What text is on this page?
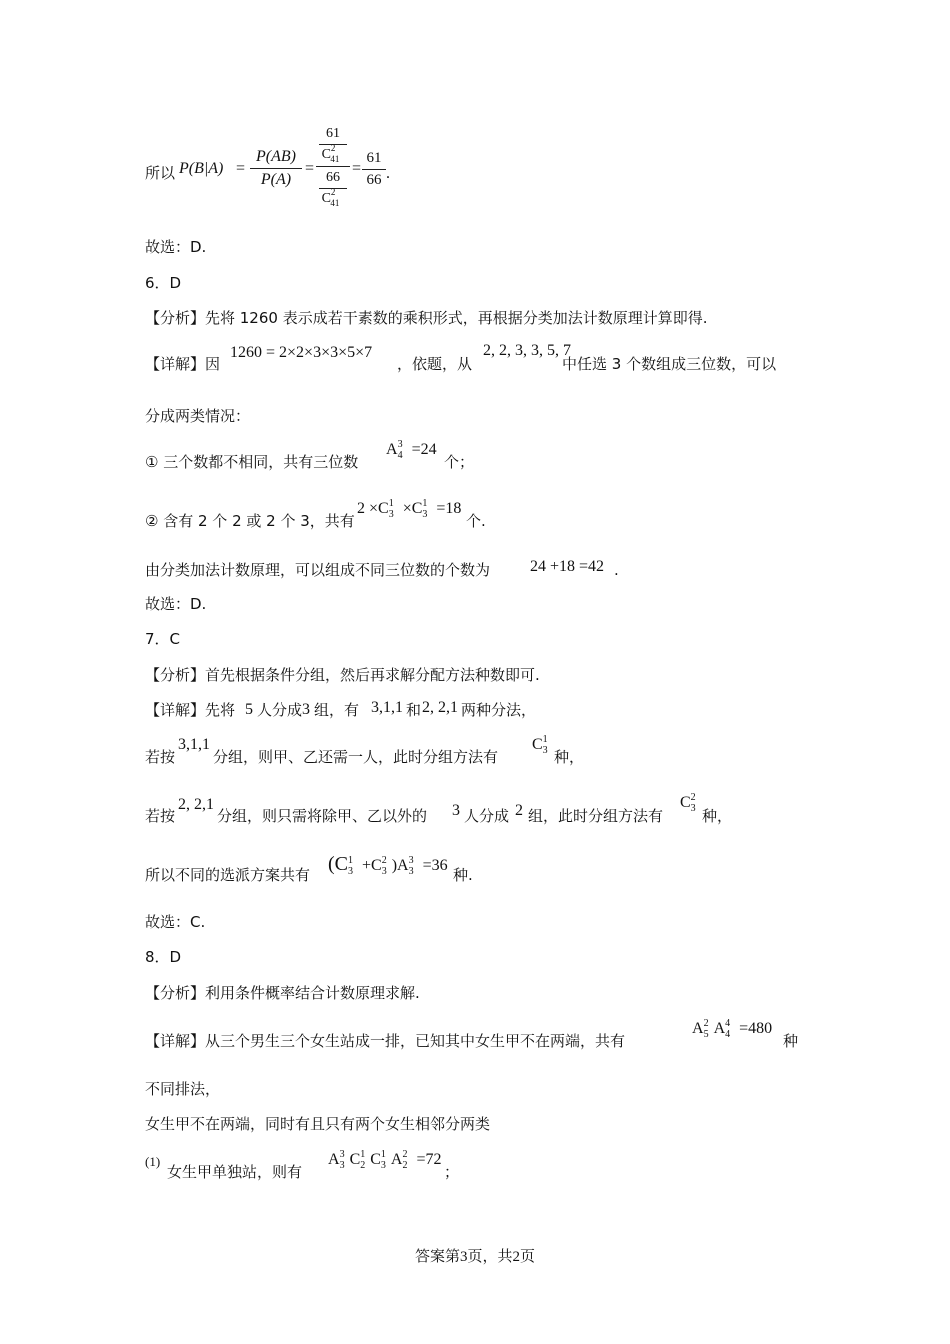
所以 P(B|A) =
P(AB)
P(A)
=
61
$C^2_{41}$
66
$C^2_{41}$
=
61
66 .
故选：D.
6．D
【分析】先将 1260 表示成若干素数的乘积形式，再根据分类加法计数原理计算即得.
【详解】因
1260 = 2×2×3×3×5×7
，依题，从
2, 2, 3, 3, 5, 7
中任选 3 个数组成三位数，可以
分成两类情况：
① 三个数都不相同，共有三位数
$A^3_4 =24$
个；
② 含有 2 个 2 或 2 个 3，共有
$2 \times C^1_3 \times C^1_3 =18$
个.
由分类加法计数原理，可以组成不同三位数的个数为 24 +18 =42 .
故选：D.
7．C
【分析】首先根据条件分组，然后再求解分配方法种数即可.
【详解】先将 5 人分成 3 组，有 3,1,1 和 2, 2,1 两种分法，
若按
3,1,1
分组，则甲、乙还需一人，此时分组方法有
$C^1_3$ 种，
若按
2, 2,1
分组，则只需将除甲、乙以外的 3 人分成 2 组，此时分组方法有
$C^2_3$ 种，
所以不同的选派方案共有 ($C^1_3 +C^2_3$ )$A^3_3 =36$
种.
故选：C.
8．D
【分析】利用条件概率结合计数原理求解.
【详解】从三个男生三个女生站成一排，已知其中女生甲不在两端，共有
$A^2_5$ $A^4_4 =480$
种
不同排法，
女生甲不在两端，同时有且只有两个女生相邻分两类
(1)
女生甲单独站，则有
$A^3_3$ $C^1_2$ $C^1_3$ $A^2_2 =72$
；
答案第3页，共2页
